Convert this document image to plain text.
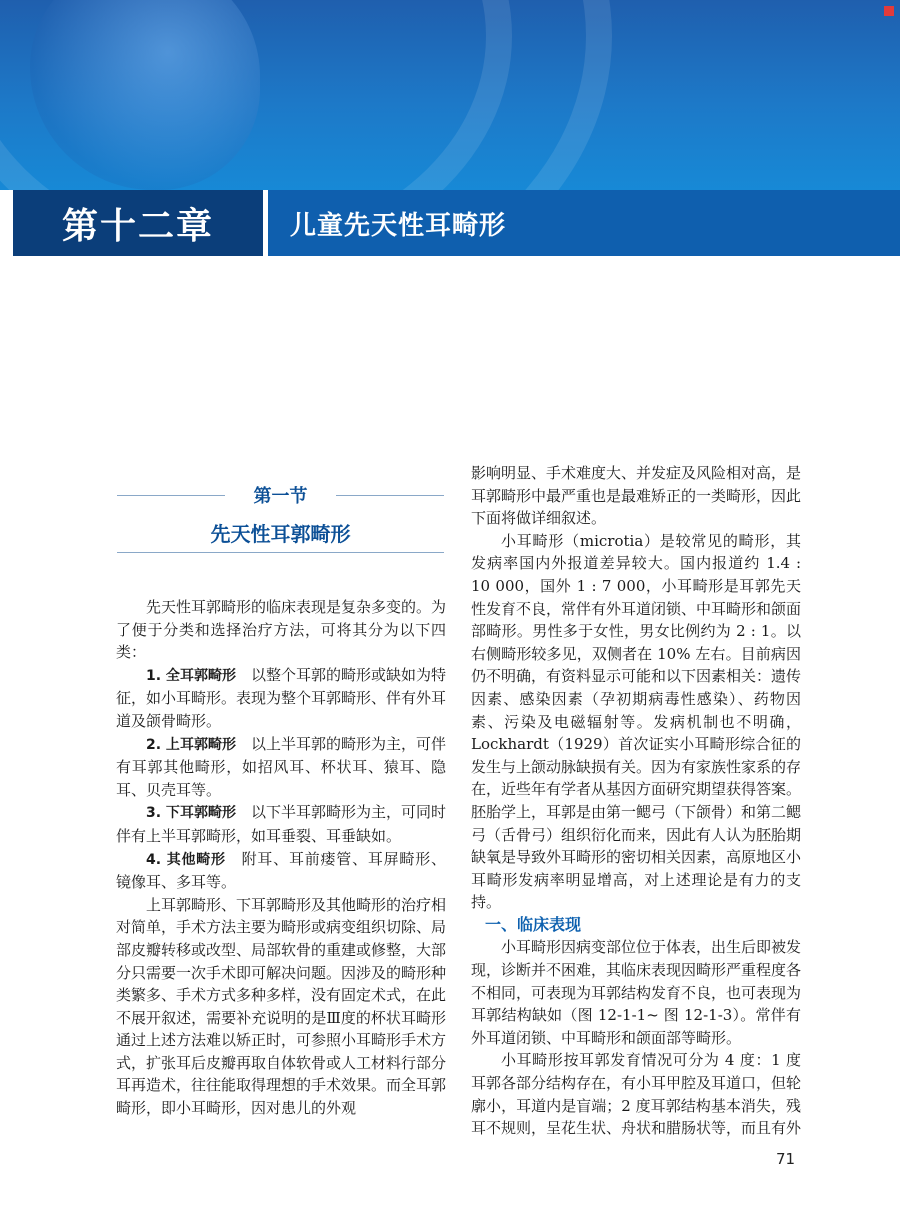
第十二章	儿童先天性耳畸形
第一节
先天性耳郭畸形

先天性耳郭畸形的临床表现是复杂多变的。为了便于分类和选择治疗方法，可将其分为以下四类：

1. 全耳郭畸形　以整个耳郭的畸形或缺如为特征，如小耳畸形。表现为整个耳郭畸形、伴有外耳道及颌骨畸形。

2. 上耳郭畸形　以上半耳郭的畸形为主，可伴有耳郭其他畸形，如招风耳、杯状耳、猿耳、隐耳、贝壳耳等。

3. 下耳郭畸形　以下半耳郭畸形为主，可同时伴有上半耳郭畸形，如耳垂裂、耳垂缺如。

4. 其他畸形　附耳、耳前瘘管、耳屏畸形、镜像耳、多耳等。

上耳郭畸形、下耳郭畸形及其他畸形的治疗相对简单，手术方法主要为畸形或病变组织切除、局部皮瓣转移或改型、局部软骨的重建或修整，大部分只需要一次手术即可解决问题。因涉及的畸形种类繁多、手术方式多种多样，没有固定术式，在此不展开叙述，需要补充说明的是Ⅲ度的杯状耳畸形通过上述方法难以矫正时，可参照小耳畸形手术方式，扩张耳后皮瓣再取自体软骨或人工材料行部分耳再造术，往往能取得理想的手术效果。而全耳郭畸形，即小耳畸形，因对患儿的外观

影响明显、手术难度大、并发症及风险相对高，是耳郭畸形中最严重也是最难矫正的一类畸形，因此下面将做详细叙述。

小耳畸形（microtia）是较常见的畸形，其发病率国内外报道差异较大。国内报道约 1.4 : 10 000，国外 1 : 7 000，小耳畸形是耳郭先天性发育不良，常伴有外耳道闭锁、中耳畸形和颌面部畸形。男性多于女性，男女比例约为 2 : 1。以右侧畸形较多见，双侧者在 10% 左右。目前病因仍不明确，有资料显示可能和以下因素相关：遗传因素、感染因素（孕初期病毒性感染）、药物因素、污染及电磁辐射等。发病机制也不明确，Lockhardt（1929）首次证实小耳畸形综合征的发生与上颌动脉缺损有关。因为有家族性家系的存在，近些年有学者从基因方面研究期望获得答案。胚胎学上，耳郭是由第一鳃弓（下颌骨）和第二鳃弓（舌骨弓）组织衍化而来，因此有人认为胚胎期缺氧是导致外耳畸形的密切相关因素，高原地区小耳畸形发病率明显增高，对上述理论是有力的支持。

一、临床表现

小耳畸形因病变部位位于体表，出生后即被发现，诊断并不困难，其临床表现因畸形严重程度各不相同，可表现为耳郭结构发育不良，也可表现为耳郭结构缺如（图 12-1-1~ 图 12-1-3）。常伴有外耳道闭锁、中耳畸形和颌面部等畸形。

小耳畸形按耳郭发育情况可分为 4 度：1 度耳郭各部分结构存在，有小耳甲腔及耳道口，但轮廓小，耳道内是盲端；2 度耳郭结构基本消失，残耳不规则，呈花生状、舟状和腊肠状等，而且有外

71
